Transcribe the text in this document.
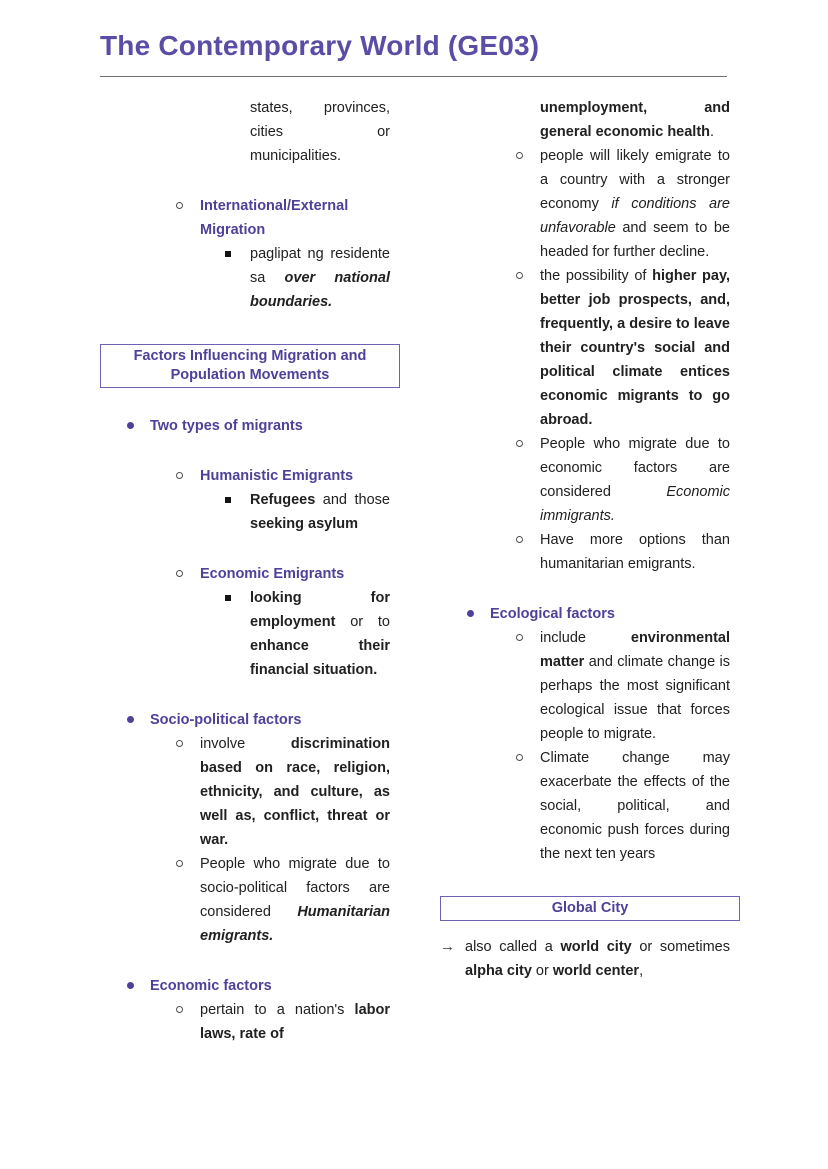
The Contemporary World (GE03)
states, provinces, cities or municipalities.
International/External Migration
paglipat ng residente sa over national boundaries.
Factors Influencing Migration and Population Movements
Two types of migrants
Humanistic Emigrants
Refugees and those seeking asylum
Economic Emigrants
looking for employment or to enhance their financial situation.
Socio-political factors
involve discrimination based on race, religion, ethnicity, and culture, as well as, conflict, threat or war.
People who migrate due to socio-political factors are considered Humanitarian emigrants.
Economic factors
pertain to a nation's labor laws, rate of
unemployment, and general economic health.
people will likely emigrate to a country with a stronger economy if conditions are unfavorable and seem to be headed for further decline.
the possibility of higher pay, better job prospects, and, frequently, a desire to leave their country's social and political climate entices economic migrants to go abroad.
People who migrate due to economic factors are considered Economic immigrants.
Have more options than humanitarian emigrants.
Ecological factors
include environmental matter and climate change is perhaps the most significant ecological issue that forces people to migrate.
Climate change may exacerbate the effects of the social, political, and economic push forces during the next ten years
Global City
→ also called a world city or sometimes alpha city or world center,
